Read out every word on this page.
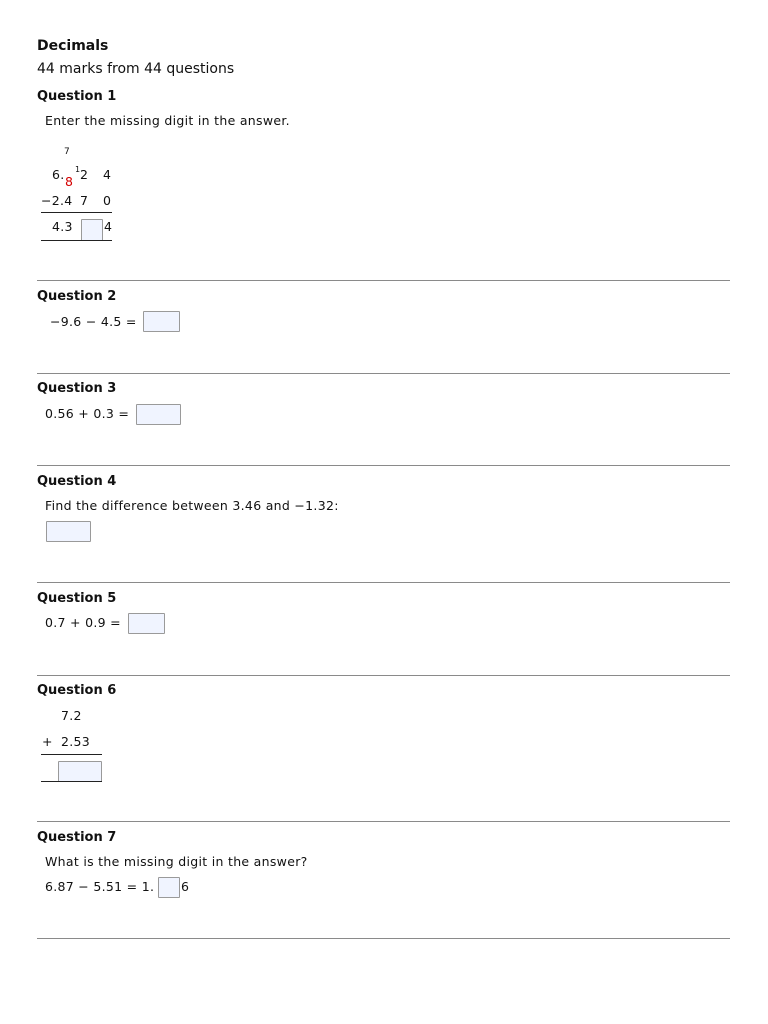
Decimals
44 marks from 44 questions
Question 1
Enter the missing digit in the answer.
7
6. 8
1 2 4
−2.4 7 0
4.3 4
Question 2
−9.6 − 4.5 =
Question 3
0.56 + 0.3 =
Question 4
Find the difference between 3.46 and −1.32:
Question 5
0.7 + 0.9 =
Question 6
7.2
+ 2.53
Question 7
What is the missing digit in the answer?
6.87 − 5.51 = 1. 6
